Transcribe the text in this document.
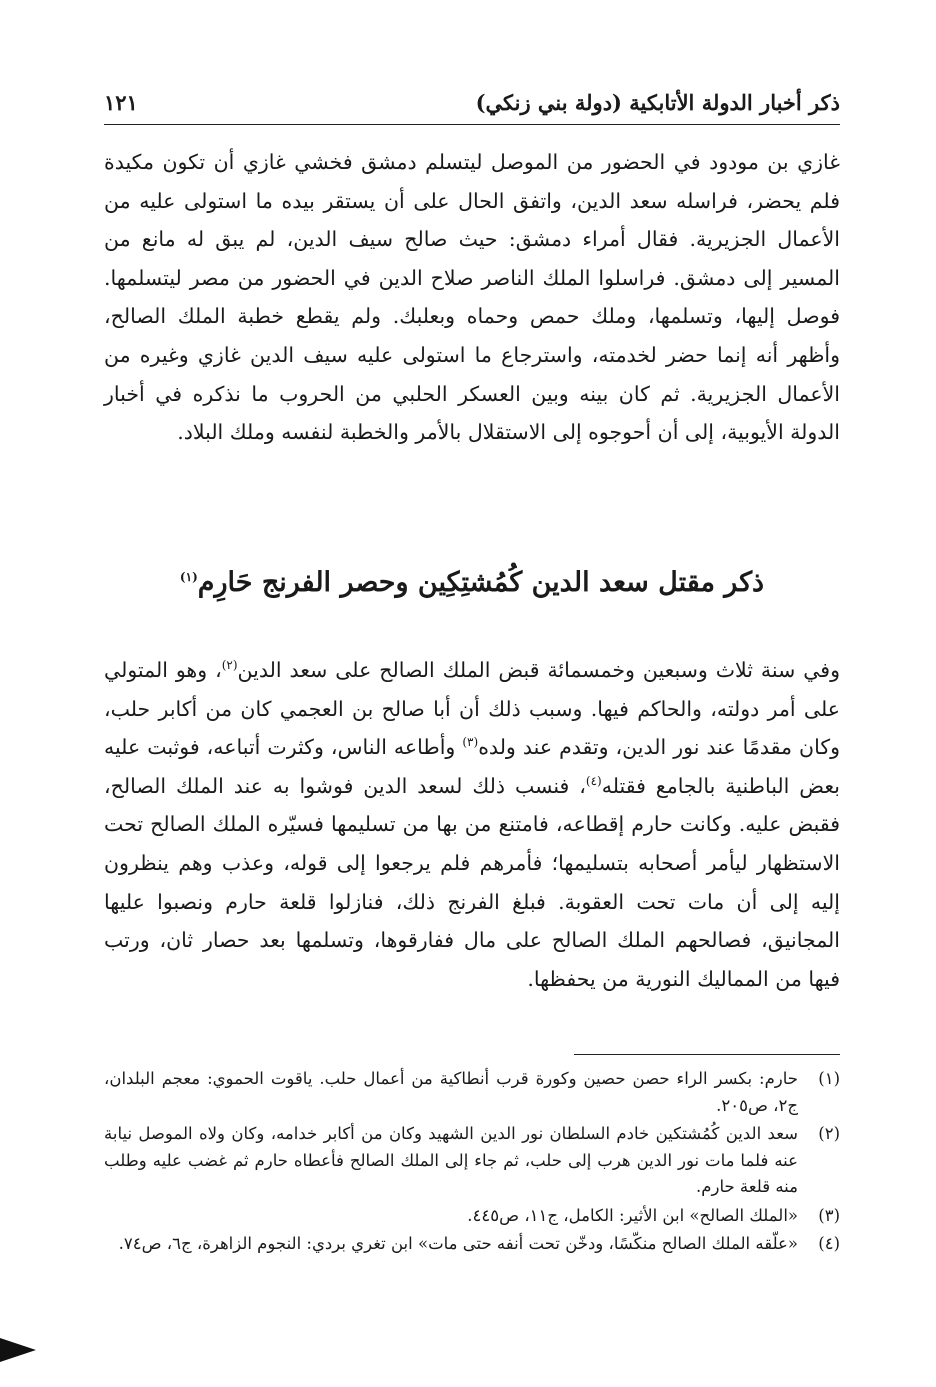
ذكر أخبار الدولة الأتابكية (دولة بني زنكي)
١٢١

غازي بن مودود في الحضور من الموصل ليتسلم دمشق فخشي غازي أن تكون مكيدة فلم يحضر، فراسله سعد الدين، واتفق الحال على أن يستقر بيده ما استولى عليه من الأعمال الجزيرية. فقال أمراء دمشق: حيث صالح سيف الدين، لم يبق له مانع من المسير إلى دمشق. فراسلوا الملك الناصر صلاح الدين في الحضور من مصر ليتسلمها. فوصل إليها، وتسلمها، وملك حمص وحماه وبعلبك. ولم يقطع خطبة الملك الصالح، وأظهر أنه إنما حضر لخدمته، واسترجاع ما استولى عليه سيف الدين غازي وغيره من الأعمال الجزيرية. ثم كان بينه وبين العسكر الحلبي من الحروب ما نذكره في أخبار الدولة الأيوبية، إلى أن أحوجوه إلى الاستقلال بالأمر والخطبة لنفسه وملك البلاد.

ذكر مقتل سعد الدين كُمُشتِكِين وحصر الفرنج حَارِم$^{(١)}$

وفي سنة ثلاث وسبعين وخمسمائة قبض الملك الصالح على سعد الدين$^{(٢)}$، وهو المتولي على أمر دولته، والحاكم فيها. وسبب ذلك أن أبا صالح بن العجمي كان من أكابر حلب، وكان مقدمًا عند نور الدين، وتقدم عند ولده$^{(٣)}$ وأطاعه الناس، وكثرت أتباعه، فوثبت عليه بعض الباطنية بالجامع فقتله$^{(٤)}$، فنسب ذلك لسعد الدين فوشوا به عند الملك الصالح، فقبض عليه. وكانت حارم إقطاعه، فامتنع من بها من تسليمها فسيّره الملك الصالح تحت الاستظهار ليأمر أصحابه بتسليمها؛ فأمرهم فلم يرجعوا إلى قوله، وعذب وهم ينظرون إليه إلى أن مات تحت العقوبة. فبلغ الفرنج ذلك، فنازلوا قلعة حارم ونصبوا عليها المجانيق، فصالحهم الملك الصالح على مال ففارقوها، وتسلمها بعد حصار ثان، ورتب فيها من المماليك النورية من يحفظها.

(١)
حارم: بكسر الراء حصن حصين وكورة قرب أنطاكية من أعمال حلب. ياقوت الحموي: معجم البلدان، ج٢، ص٢٠٥.
(٢)
سعد الدين كُمُشتكين خادم السلطان نور الدين الشهيد وكان من أكابر خدامه، وكان ولاه الموصل نيابة عنه فلما مات نور الدين هرب إلى حلب، ثم جاء إلى الملك الصالح فأعطاه حارم ثم غضب عليه وطلب منه قلعة حارم.
(٣)
«الملك الصالح» ابن الأثير: الكامل، ج١١، ص٤٤٥.
(٤)
«علّقه الملك الصالح منكّسًا، ودخّن تحت أنفه حتى مات» ابن تغري بردي: النجوم الزاهرة، ج٦، ص٧٤.
